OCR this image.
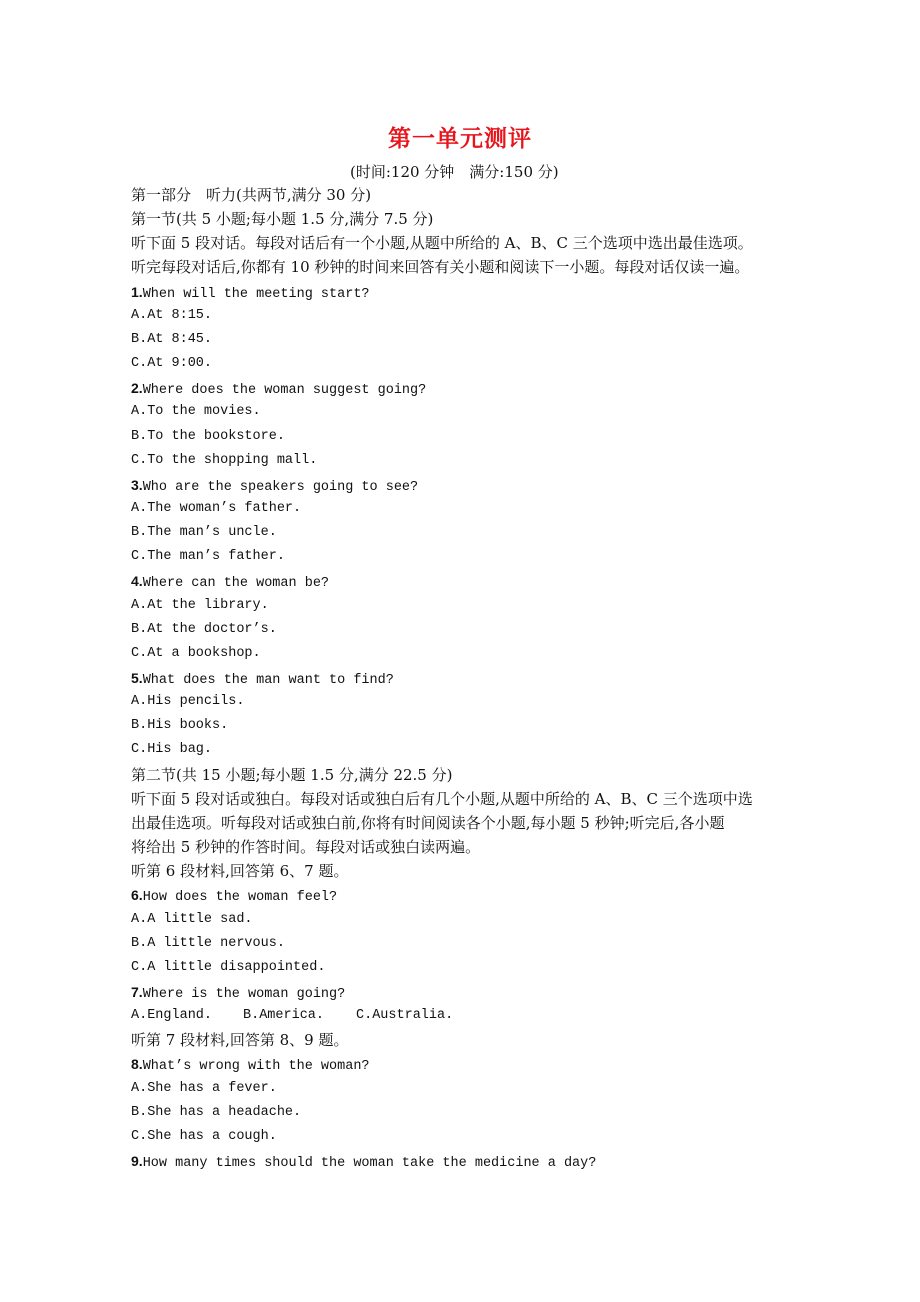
第一单元测评
(时间:120 分钟　满分:150 分)
第一部分　听力(共两节,满分 30 分)
第一节(共 5 小题;每小题 1.5 分,满分 7.5 分)
听下面 5 段对话。每段对话后有一个小题,从题中所给的 A、B、C 三个选项中选出最佳选项。
听完每段对话后,你都有 10 秒钟的时间来回答有关小题和阅读下一小题。每段对话仅读一遍。
1.When will the meeting start?
A.At 8:15.
B.At 8:45.
C.At 9:00.
2.Where does the woman suggest going?
A.To the movies.
B.To the bookstore.
C.To the shopping mall.
3.Who are the speakers going to see?
A.The woman’s father.
B.The man’s uncle.
C.The man’s father.
4.Where can the woman be?
A.At the library.
B.At the doctor’s.
C.At a bookshop.
5.What does the man want to find?
A.His pencils.
B.His books.
C.His bag.
第二节(共 15 小题;每小题 1.5 分,满分 22.5 分)
听下面 5 段对话或独白。每段对话或独白后有几个小题,从题中所给的 A、B、C 三个选项中选
出最佳选项。听每段对话或独白前,你将有时间阅读各个小题,每小题 5 秒钟;听完后,各小题
将给出 5 秒钟的作答时间。每段对话或独白读两遍。
听第 6 段材料,回答第 6、7 题。
6.How does the woman feel?
A.A little sad.
B.A little nervous.
C.A little disappointed.
7.Where is the woman going?
A.England. B.America. C.Australia.
听第 7 段材料,回答第 8、9 题。
8.What’s wrong with the woman?
A.She has a fever.
B.She has a headache.
C.She has a cough.
9.How many times should the woman take the medicine a day?
